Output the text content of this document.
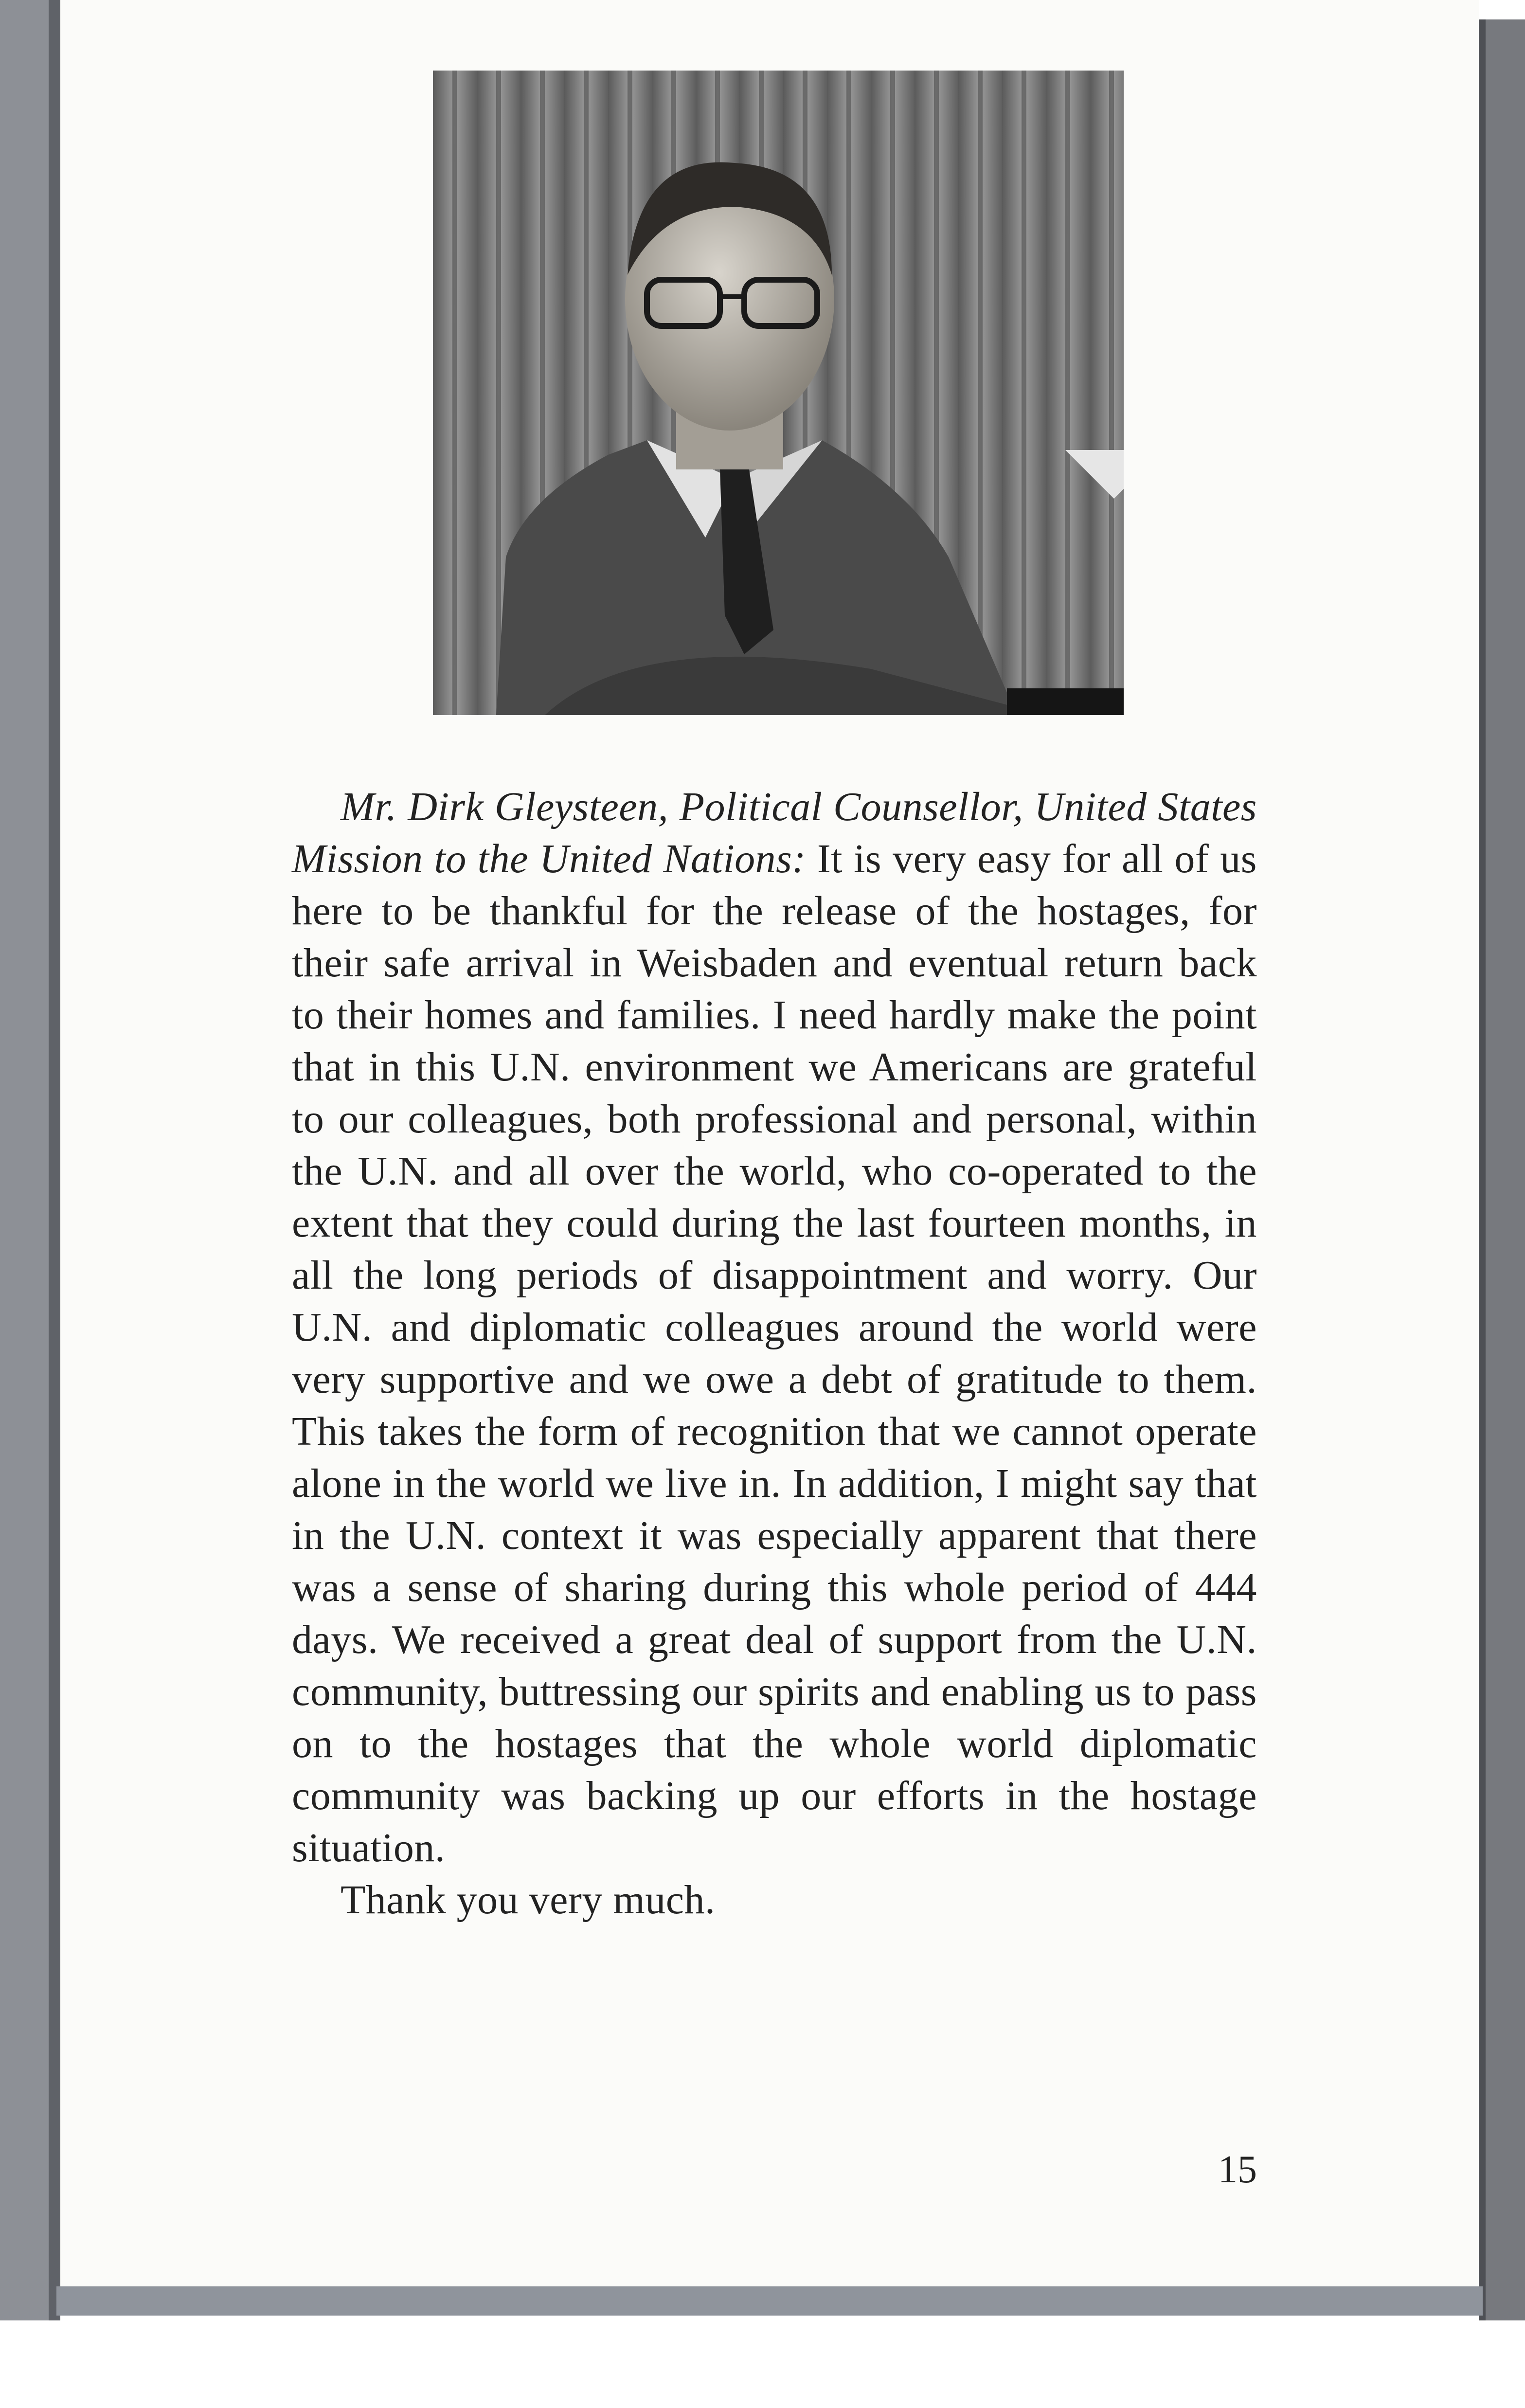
Mr. Dirk Gleysteen, Political Counsellor, United States Mission to the United Nations: It is very easy for all of us here to be thankful for the release of the hostages, for their safe arrival in Weisbaden and eventual return back to their homes and families. I need hardly make the point that in this U.N. environment we Americans are grateful to our colleagues, both professional and personal, within the U.N. and all over the world, who co-operated to the extent that they could during the last fourteen months, in all the long periods of disappointment and worry. Our U.N. and diplomatic colleagues around the world were very supportive and we owe a debt of gratitude to them. This takes the form of recognition that we cannot operate alone in the world we live in. In addition, I might say that in the U.N. context it was especially apparent that there was a sense of sharing during this whole period of 444 days. We received a great deal of support from the U.N. community, buttressing our spirits and enabling us to pass on to the hostages that the whole world diplomatic community was backing up our efforts in the hostage situation.

Thank you very much.

15
